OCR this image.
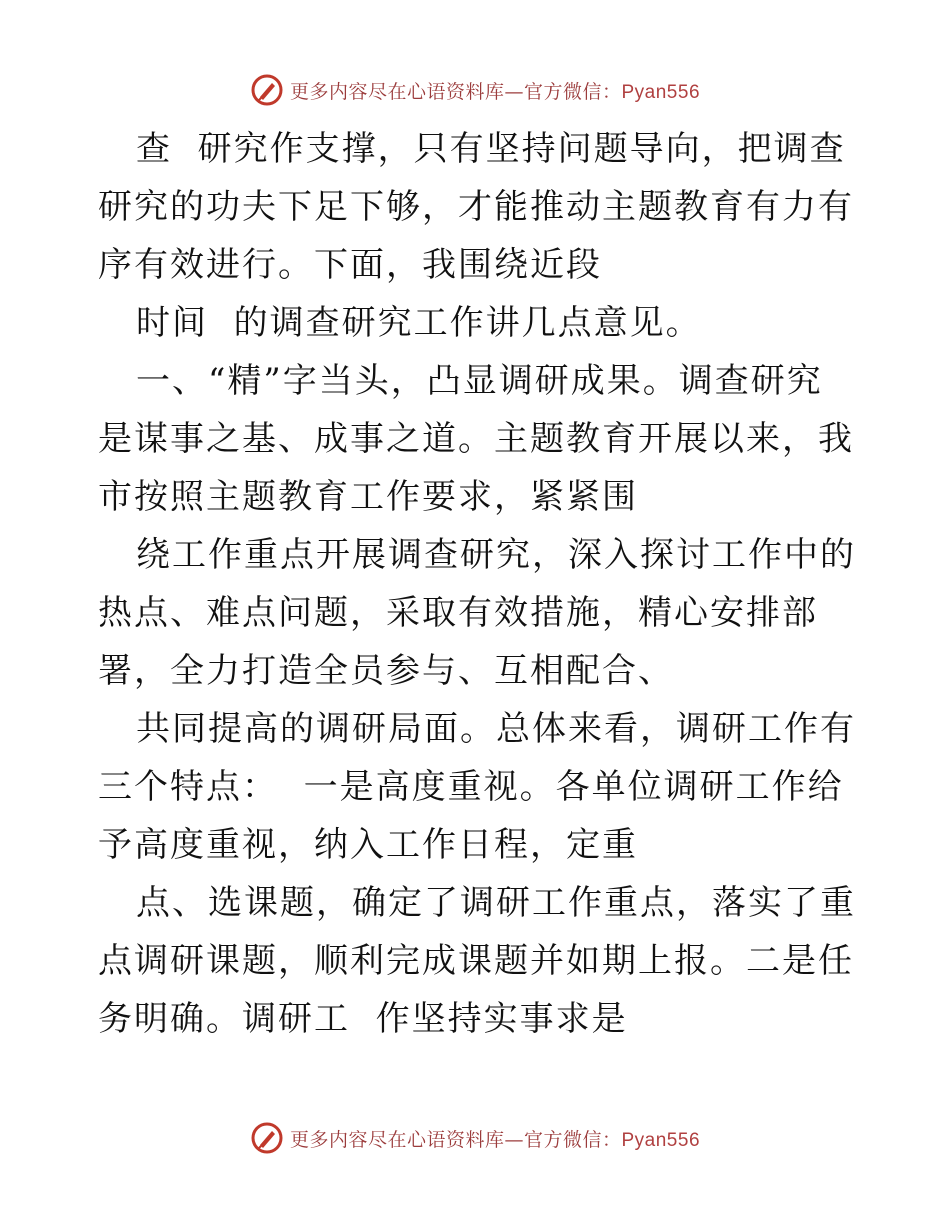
更多内容尽在心语资料库—官方微信：Pyan556

查  研究作支撑，只有坚持问题导向，把调查研究的功夫下足下够，才能推动主题教育有力有序有效进行。下面，我围绕近段

时间  的调查研究工作讲几点意见。

一、“精”字当头，凸显调研成果。调查研究是谋事之基、成事之道。主题教育开展以来，我市按照主题教育工作要求，紧紧围

绕工作重点开展调查研究，深入探讨工作中的热点、难点问题，采取有效措施，精心安排部署，全力打造全员参与、互相配合、

共同提高的调研局面。总体来看，调研工作有三个特点：  一是高度重视。各单位调研工作给予高度重视，纳入工作日程，定重

点、选课题，确定了调研工作重点，落实了重点调研课题，顺利完成课题并如期上报。二是任务明确。调研工  作坚持实事求是

更多内容尽在心语资料库—官方微信：Pyan556
